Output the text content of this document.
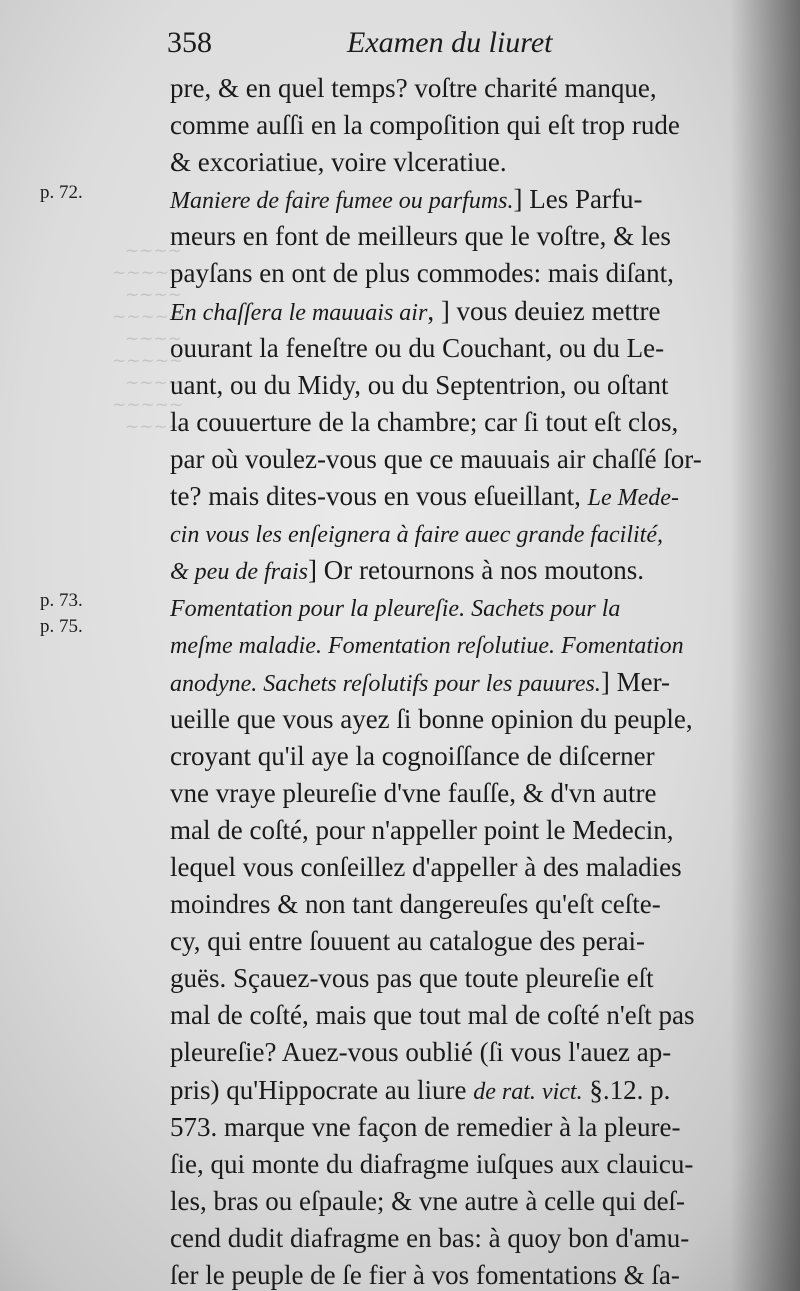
~~~~
~~~~~
~~~~
~~~~~
~~~~
~~~~~
~~~~
~~~~~
~~~~
358	Examen du liuret
p. 72.
p. 73.
p. 75.
pre, & en quel temps? voſtre charité manque,
comme auſſi en la compoſition qui eſt trop rude
& excoriatiue, voire vlceratiue.
Maniere de faire fumee ou parfums.] Les Parfu-
meurs en font de meilleurs que le voſtre, & les
payſans en ont de plus commodes: mais diſant,
En chaſſera le mauuais air, ] vous deuiez mettre
ouurant la feneſtre ou du Couchant, ou du Le-
uant, ou du Midy, ou du Septentrion, ou oſtant
la couuerture de la chambre; car ſi tout eſt clos,
par où voulez-vous que ce mauuais air chaſſé ſor-
te? mais dites-vous en vous eſueillant, Le Mede-
cin vous les enſeignera à faire auec grande facilité,
& peu de frais] Or retournons à nos moutons.
Fomentation pour la pleureſie. Sachets pour la
meſme maladie. Fomentation reſolutiue. Fomentation
anodyne. Sachets reſolutifs pour les pauures.] Mer-
ueille que vous ayez ſi bonne opinion du peuple,
croyant qu'il aye la cognoiſſance de diſcerner
vne vraye pleureſie d'vne fauſſe, & d'vn autre
mal de coſté, pour n'appeller point le Medecin,
lequel vous conſeillez d'appeller à des maladies
moindres & non tant dangereuſes qu'eſt ceſte-
cy, qui entre ſouuent au catalogue des perai-
guës. Sçauez-vous pas que toute pleureſie eſt
mal de coſté, mais que tout mal de coſté n'eſt pas
pleureſie? Auez-vous oublié (ſi vous l'auez ap-
pris) qu'Hippocrate au liure de rat. vict. §.12. p.
573. marque vne façon de remedier à la pleure-
ſie, qui monte du diafragme iuſques aux clauicu-
les, bras ou eſpaule; & vne autre à celle qui deſ-
cend dudit diafragme en bas: à quoy bon d'amu-
ſer le peuple de ſe fier à vos fomentations & ſa-
